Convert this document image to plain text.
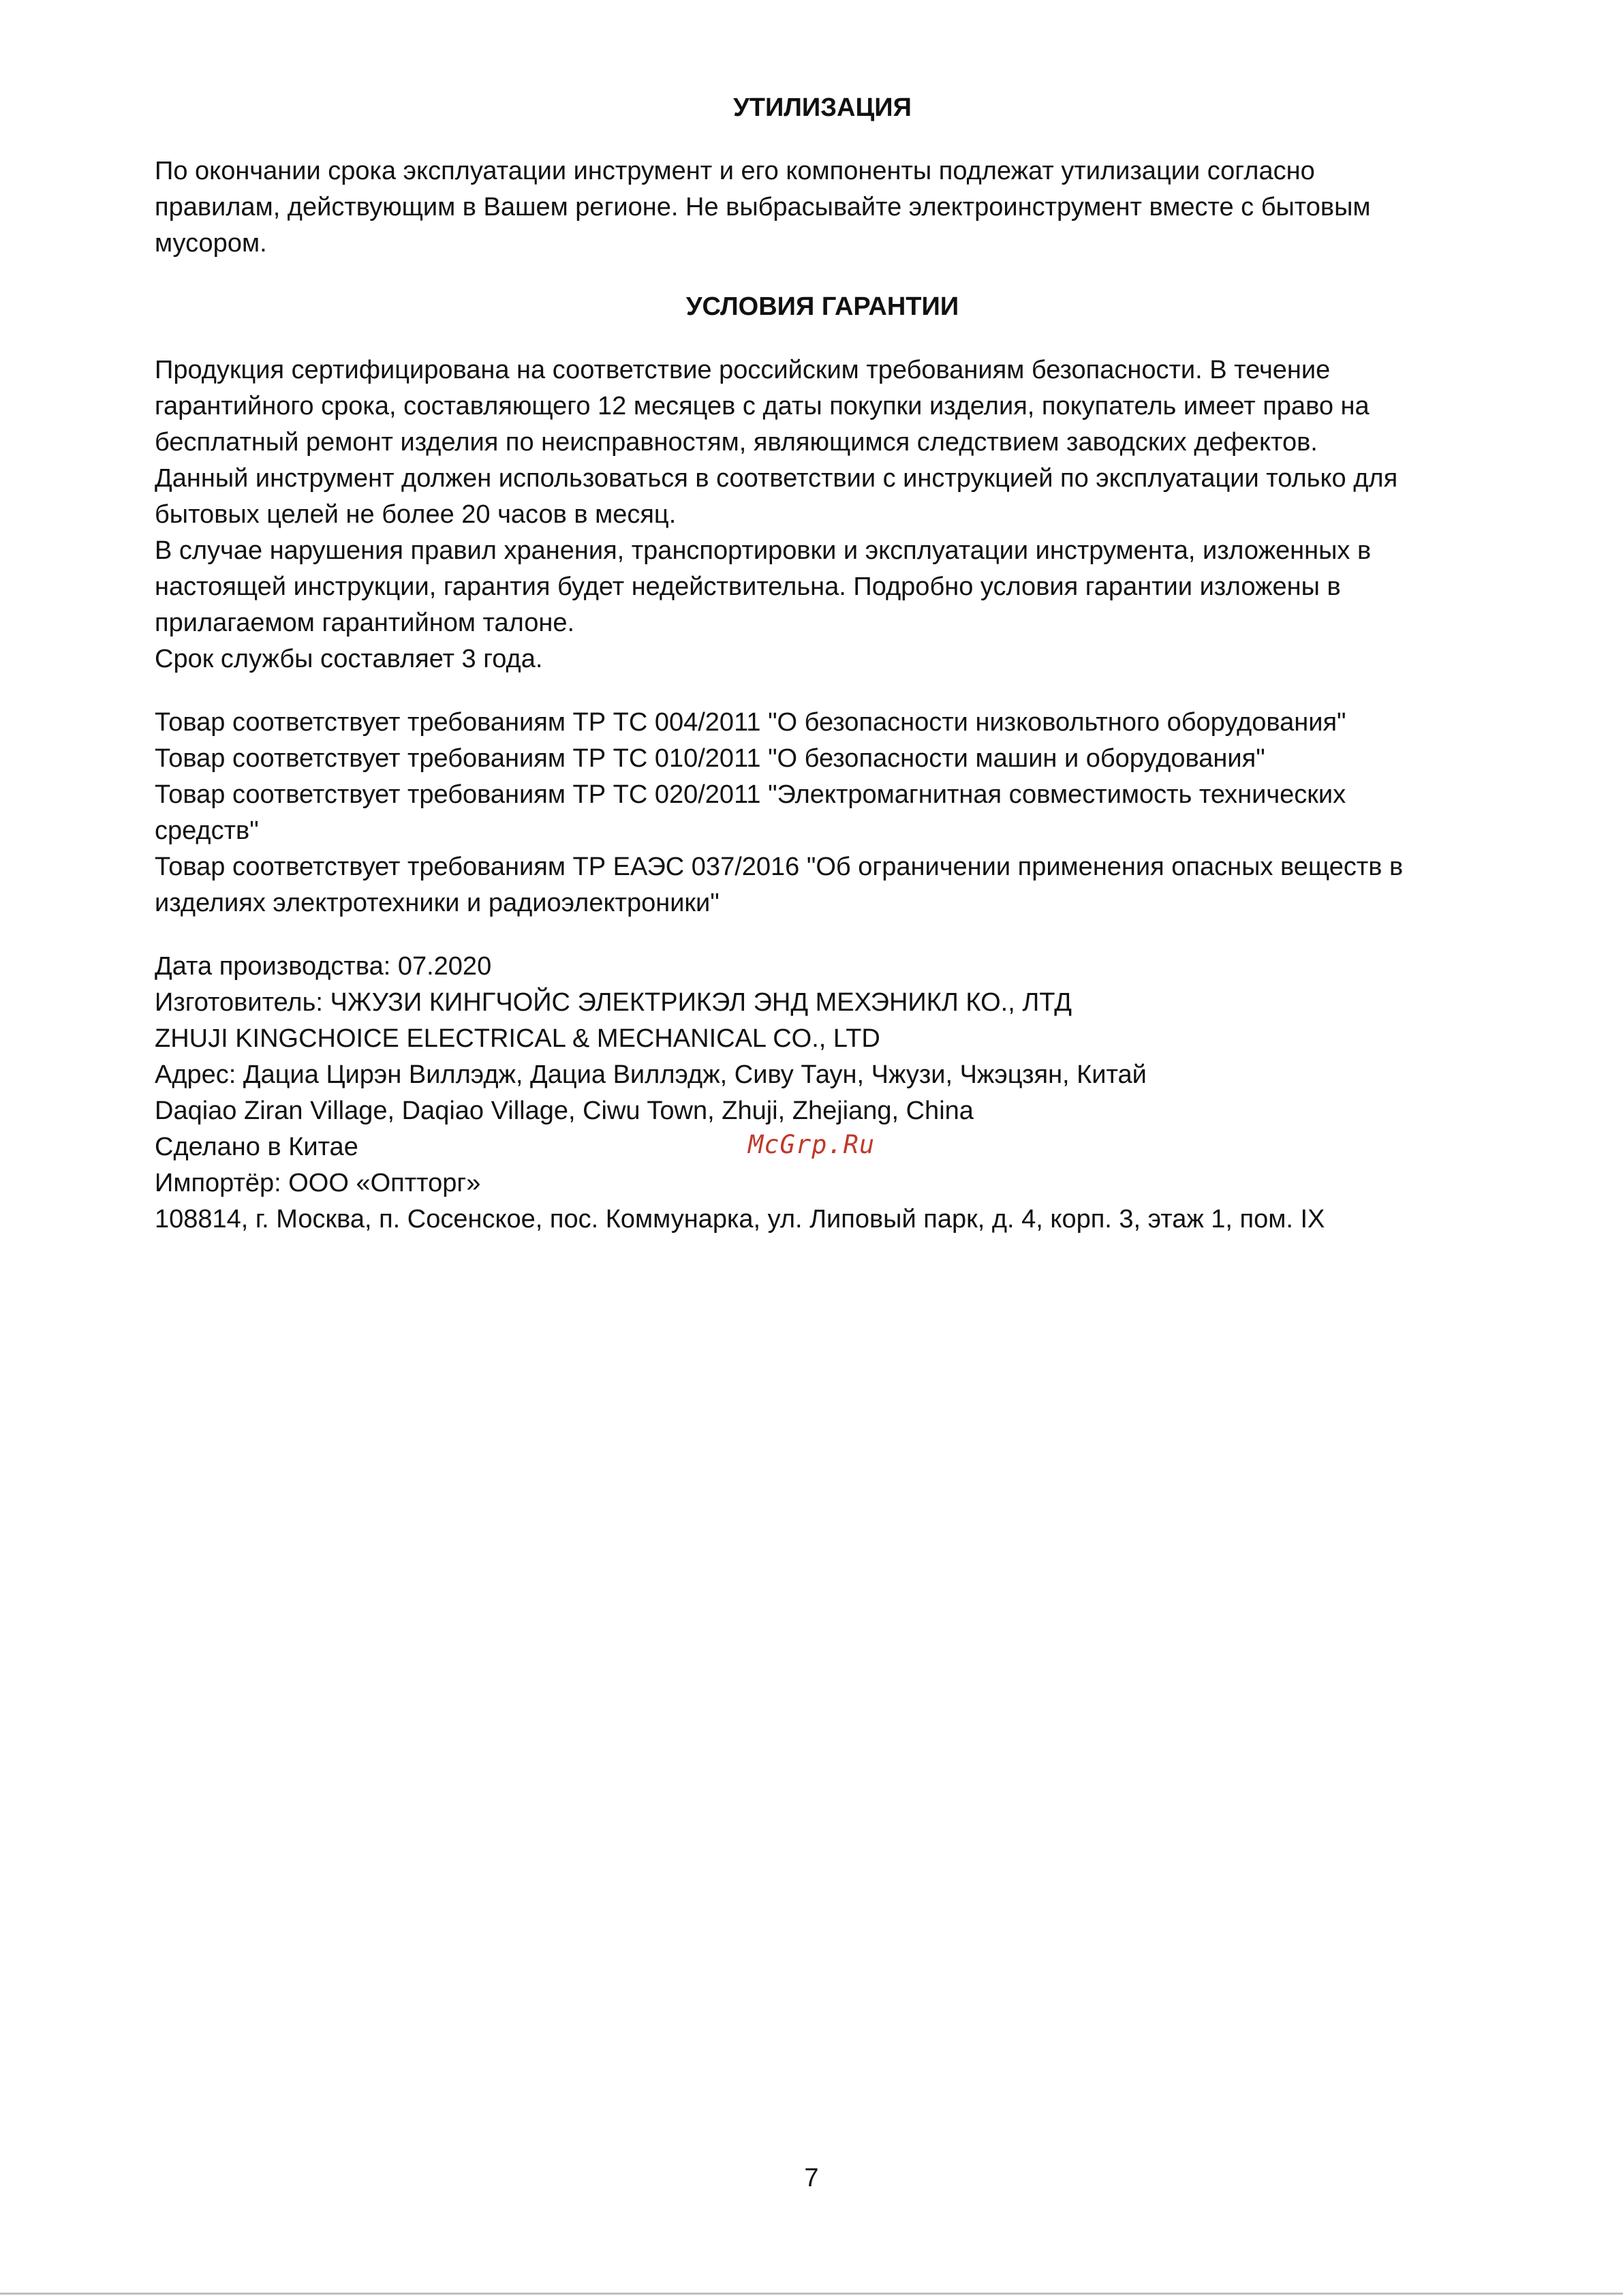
УТИЛИЗАЦИЯ

По окончании срока эксплуатации инструмент и его компоненты подлежат утилизации согласно
правилам, действующим в Вашем регионе. Не выбрасывайте электроинструмент вместе с бытовым
мусором.

УСЛОВИЯ ГАРАНТИИ

Продукция сертифицирована на соответствие российским требованиям безопасности. В течение
гарантийного срока, составляющего 12 месяцев с даты покупки изделия, покупатель имеет право на
бесплатный ремонт изделия по неисправностям, являющимся следствием заводских дефектов.
Данный инструмент должен использоваться в соответствии с инструкцией по эксплуатации только для
бытовых целей не более 20 часов в месяц.
В случае нарушения правил хранения, транспортировки и эксплуатации инструмента, изложенных в
настоящей инструкции, гарантия будет недействительна. Подробно условия гарантии изложены в
прилагаемом гарантийном талоне.
Срок службы составляет 3 года.

Товар соответствует требованиям ТР ТС 004/2011 "О безопасности низковольтного оборудования"
Товар соответствует требованиям ТР ТС 010/2011 "О безопасности машин и оборудования"
Товар соответствует требованиям ТР ТС 020/2011 "Электромагнитная совместимость технических
средств"
Товар соответствует требованиям ТР ЕАЭС 037/2016 "Об ограничении применения опасных веществ в
изделиях электротехники и радиоэлектроники"

Дата производства: 07.2020
Изготовитель: ЧЖУЗИ КИНГЧОЙС ЭЛЕКТРИКЭЛ ЭНД МЕХЭНИКЛ КО., ЛТД
ZHUJI KINGCHOICE ELECTRICAL & MECHANICAL CO., LTD
Адрес: Дациа Цирэн Виллэдж, Дациа Виллэдж, Сиву Таун, Чжузи, Чжэцзян, Китай
Daqiao Ziran Village, Daqiao Village, Ciwu Town, Zhuji, Zhejiang, China
Сделано в Китае
Импортёр: ООО «Оптторг»
108814, г. Москва, п. Сосенское, пос. Коммунарка, ул. Липовый парк, д. 4, корп. 3, этаж 1, пом. IX

McGrp.Ru
7
